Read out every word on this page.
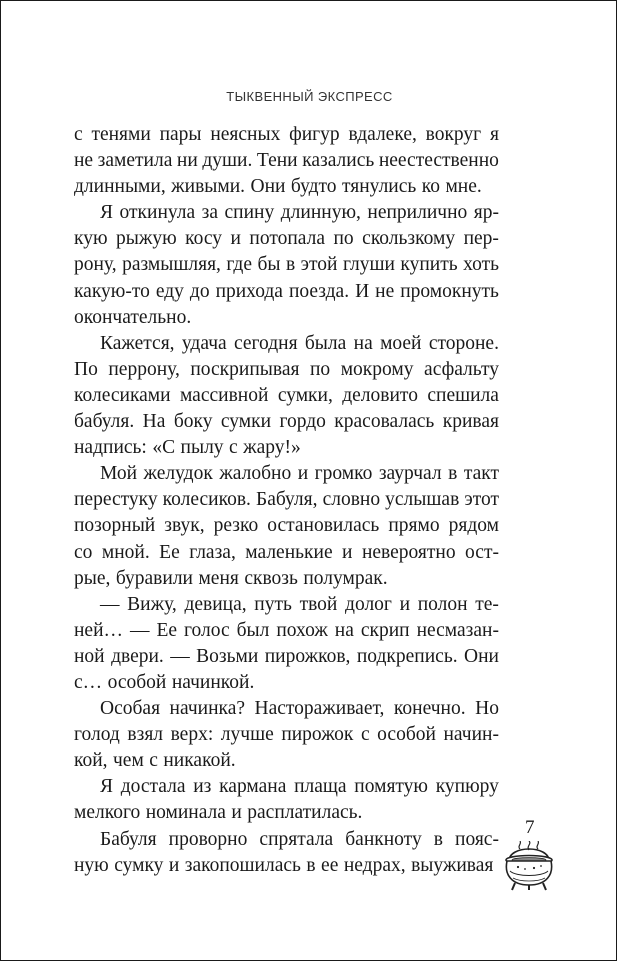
ТЫКВЕННЫЙ ЭКСПРЕСС
с тенями пары неясных фигур вдалеке, вокруг я
не заметила ни души. Тени казались неестественно
длинными, живыми. Они будто тянулись ко мне.
Я откинула за спину длинную, неприлично яр-
кую рыжую косу и потопала по скользкому пер-
рону, размышляя, где бы в этой глуши купить хоть
какую-то еду до прихода поезда. И не промокнуть
окончательно.
Кажется, удача сегодня была на моей стороне.
По перрону, поскрипывая по мокрому асфальту
колесиками массивной сумки, деловито спешила
бабуля. На боку сумки гордо красовалась кривая
надпись: «С пылу с жару!»
Мой желудок жалобно и громко заурчал в такт
перестуку колесиков. Бабуля, словно услышав этот
позорный звук, резко остановилась прямо рядом
со мной. Ее глаза, маленькие и невероятно ост-
рые, буравили меня сквозь полумрак.
— Вижу, девица, путь твой долог и полон те-
ней… — Ее голос был похож на скрип несмазан-
ной двери. — Возьми пирожков, подкрепись. Они
с… особой начинкой.
Особая начинка? Настораживает, конечно. Но
голод взял верх: лучше пирожок с особой начин-
кой, чем с никакой.
Я достала из кармана плаща помятую купюру
мелкого номинала и расплатилась.
Бабуля проворно спрятала банкноту в пояс-
ную сумку и закопошилась в ее недрах, выуживая
7
